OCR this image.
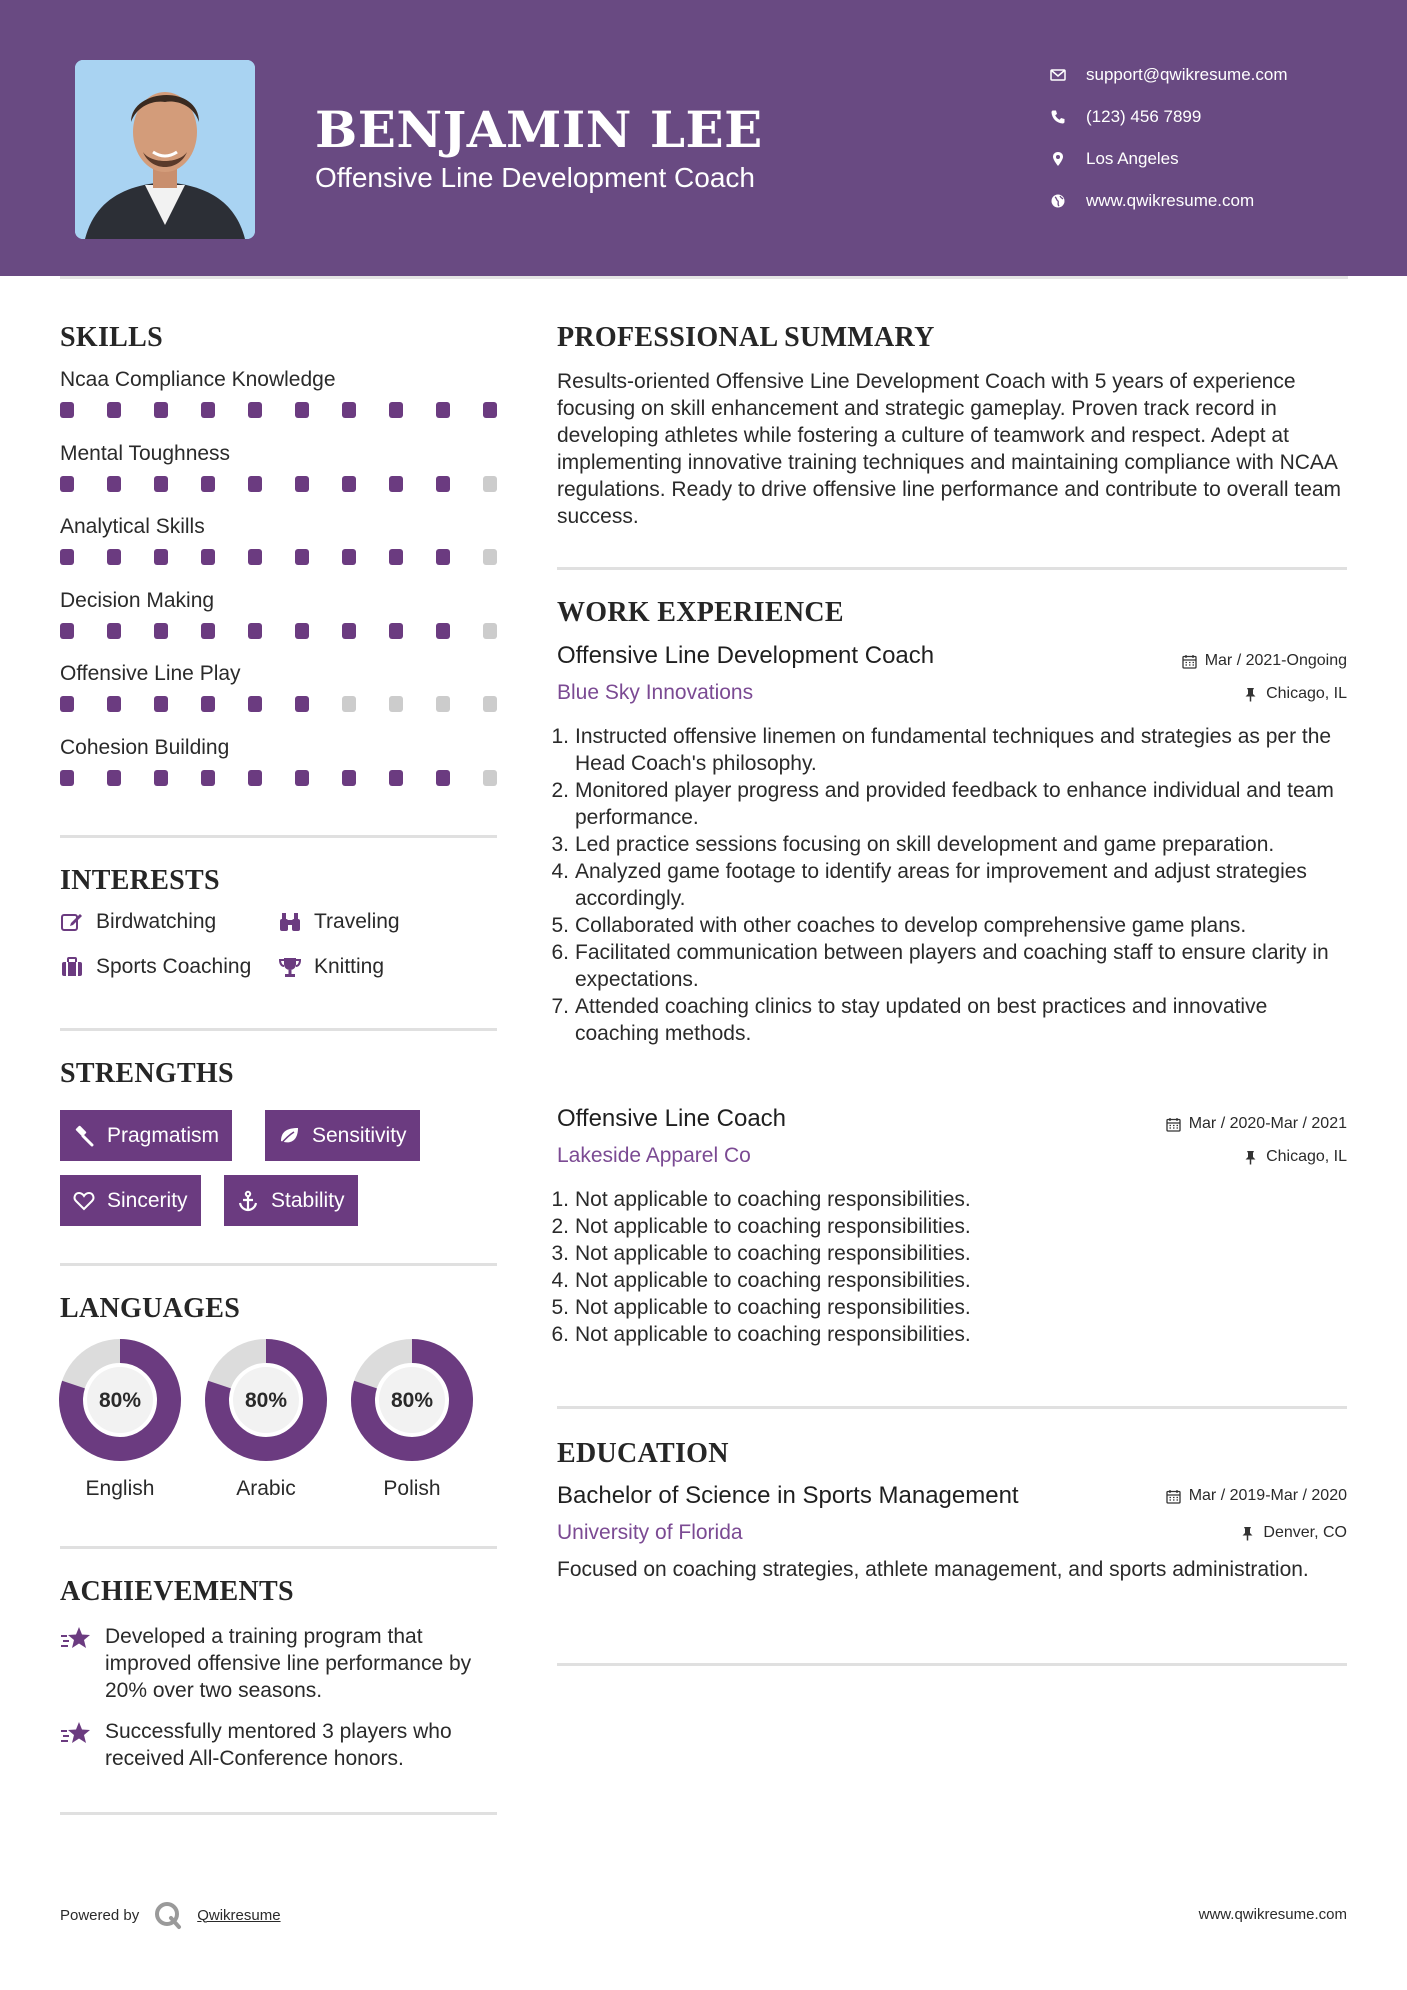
BENJAMIN LEE
Offensive Line Development Coach
support@qwikresume.com
(123) 456 7899
Los Angeles
www.qwikresume.com
SKILLS
Ncaa Compliance Knowledge
Mental Toughness
Analytical Skills
Decision Making
Offensive Line Play
Cohesion Building
INTERESTS
Birdwatching	Traveling
Sports Coaching	Knitting
STRENGTHS
Pragmatism	Sensitivity
Sincerity	Stability
LANGUAGES
80%
English
80%
Arabic
80%
Polish
ACHIEVEMENTS
Developed a training program that improved offensive line performance by 20% over two seasons.
Successfully mentored 3 players who received All-Conference honors.
PROFESSIONAL SUMMARY
Results-oriented Offensive Line Development Coach with 5 years of experience focusing on skill enhancement and strategic gameplay. Proven track record in developing athletes while fostering a culture of teamwork and respect. Adept at implementing innovative training techniques and maintaining compliance with NCAA regulations. Ready to drive offensive line performance and contribute to overall team success.
WORK EXPERIENCE
Offensive Line Development Coach	Mar / 2021-Ongoing
Blue Sky Innovations	Chicago, IL
1. Instructed offensive linemen on fundamental techniques and strategies as per the Head Coach's philosophy.
2. Monitored player progress and provided feedback to enhance individual and team performance.
3. Led practice sessions focusing on skill development and game preparation.
4. Analyzed game footage to identify areas for improvement and adjust strategies accordingly.
5. Collaborated with other coaches to develop comprehensive game plans.
6. Facilitated communication between players and coaching staff to ensure clarity in expectations.
7. Attended coaching clinics to stay updated on best practices and innovative coaching methods.
Offensive Line Coach	Mar / 2020-Mar / 2021
Lakeside Apparel Co	Chicago, IL
1. Not applicable to coaching responsibilities.
2. Not applicable to coaching responsibilities.
3. Not applicable to coaching responsibilities.
4. Not applicable to coaching responsibilities.
5. Not applicable to coaching responsibilities.
6. Not applicable to coaching responsibilities.
EDUCATION
Bachelor of Science in Sports Management	Mar / 2019-Mar / 2020
University of Florida	Denver, CO
Focused on coaching strategies, athlete management, and sports administration.
Powered by	Qwikresume	www.qwikresume.com
